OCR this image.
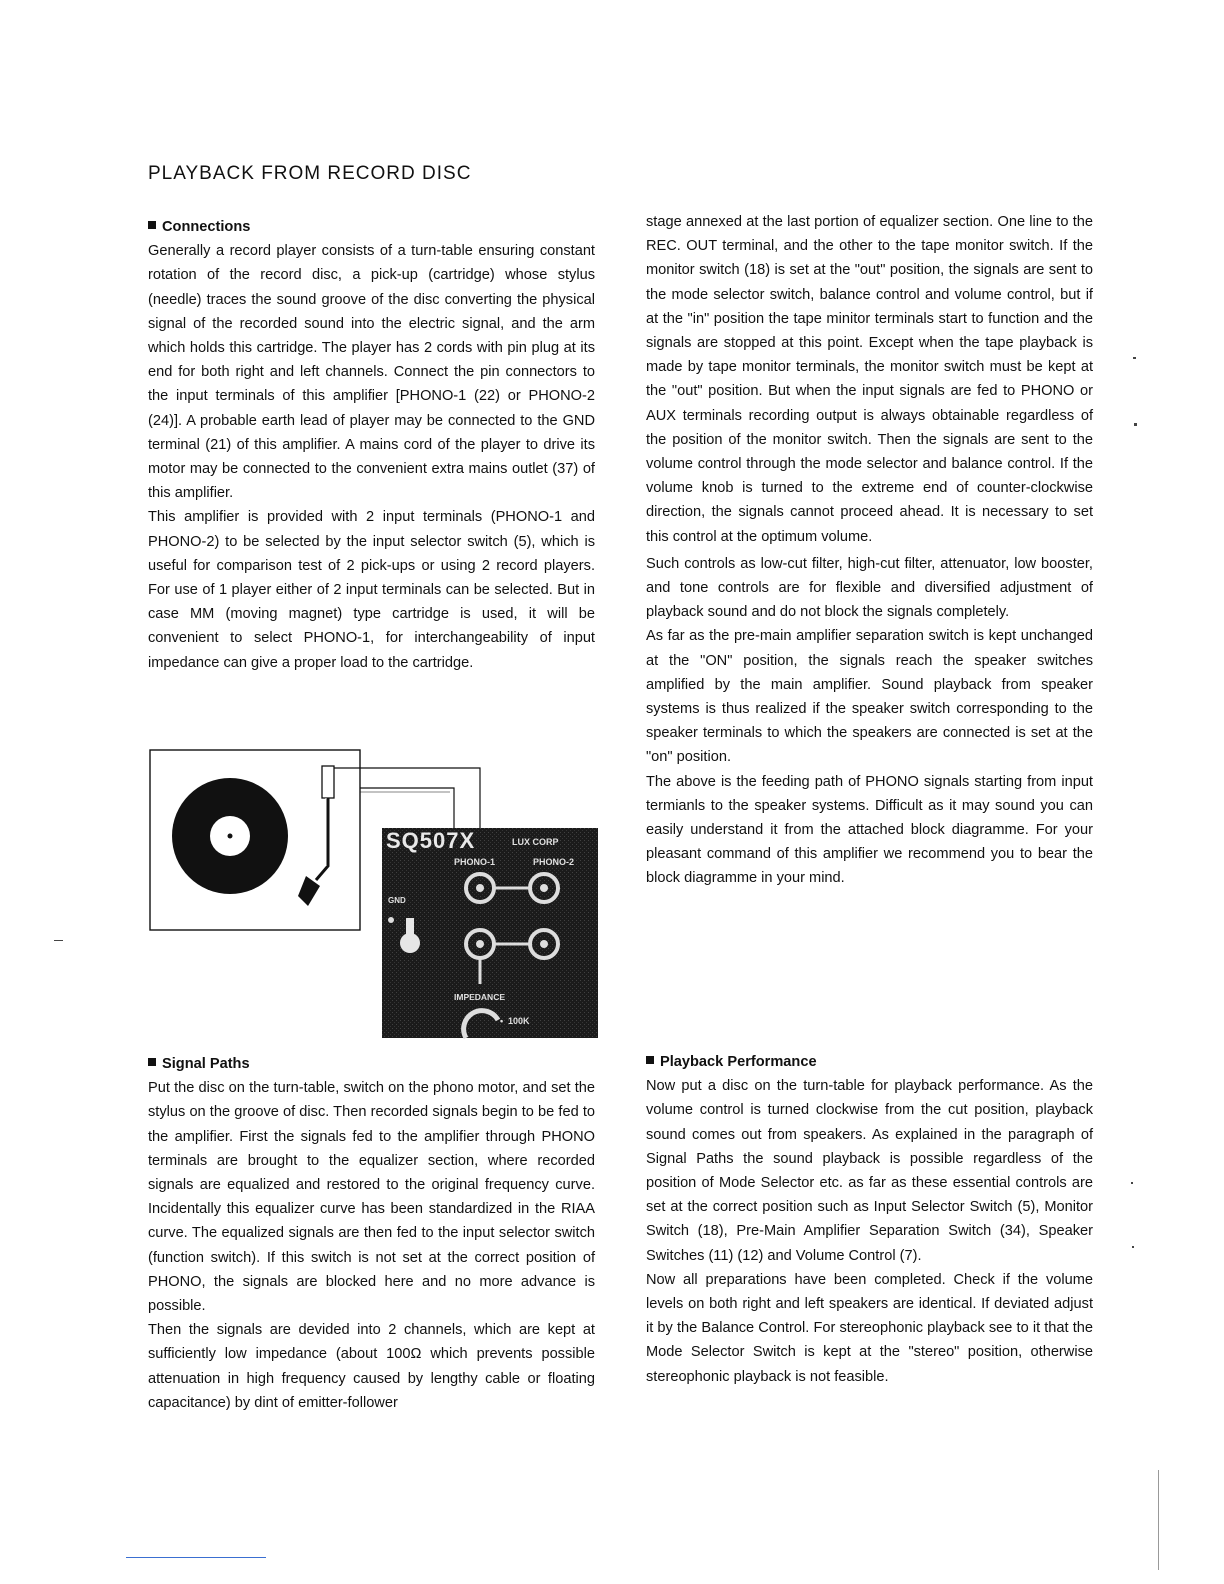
PLAYBACK FROM RECORD DISC
Connections

Generally a record player consists of a turn-table ensuring constant rotation of the record disc, a pick-up (cartridge) whose stylus (needle) traces the sound groove of the disc converting the physical signal of the recorded sound into the electric signal, and the arm which holds this cartridge. The player has 2 cords with pin plug at its end for both right and left channels. Connect the pin connectors to the input terminals of this amplifier [PHONO-1 (22) or PHONO-2 (24)]. A probable earth lead of player may be connected to the GND terminal (21) of this amplifier. A mains cord of the player to drive its motor may be connected to the convenient extra mains outlet (37) of this amplifier.

This amplifier is provided with 2 input terminals (PHONO-1 and PHONO-2) to be selected by the input selector switch (5), which is useful for comparison test of 2 pick-ups or using 2 record players. For use of 1 player either of 2 input terminals can be selected. But in case MM (moving magnet) type cartridge is used, it will be convenient to select PHONO-1, for interchangeability of input impedance can give a proper load to the cartridge.

SQ507X	LUX CORP
PHONO-1	PHONO-2
GND
IMPEDANCE
• 100K
Signal Paths

Put the disc on the turn-table, switch on the phono motor, and set the stylus on the groove of disc. Then recorded signals begin to be fed to the amplifier. First the signals fed to the amplifier through PHONO terminals are brought to the equalizer section, where recorded signals are equalized and restored to the original frequency curve. Incidentally this equalizer curve has been standardized in the RIAA curve. The equalized signals are then fed to the input selector switch (function switch). If this switch is not set at the correct position of PHONO, the signals are blocked here and no more advance is possible.

Then the signals are devided into 2 channels, which are kept at sufficiently low impedance (about 100Ω which prevents possible attenuation in high frequency caused by lengthy cable or floating capacitance) by dint of emitter-follower

stage annexed at the last portion of equalizer section. One line to the REC. OUT terminal, and the other to the tape monitor switch. If the monitor switch (18) is set at the "out" position, the signals are sent to the mode selector switch, balance control and volume control, but if at the "in" position the tape minitor terminals start to function and the signals are stopped at this point. Except when the tape playback is made by tape monitor terminals, the monitor switch must be kept at the "out" position. But when the input signals are fed to PHONO or AUX terminals recording output is always obtainable regardless of the position of the monitor switch. Then the signals are sent to the volume control through the mode selector and balance control. If the volume knob is turned to the extreme end of counter-clockwise direction, the signals cannot proceed ahead. It is necessary to set this control at the optimum volume.

Such controls as low-cut filter, high-cut filter, attenuator, low booster, and tone controls are for flexible and diversified adjustment of playback sound and do not block the signals completely.

As far as the pre-main amplifier separation switch is kept unchanged at the "ON" position, the signals reach the speaker switches amplified by the main amplifier. Sound playback from speaker systems is thus realized if the speaker switch corresponding to the speaker terminals to which the speakers are connected is set at the "on" position.

The above is the feeding path of PHONO signals starting from input termianls to the speaker systems. Difficult as it may sound you can easily understand it from the attached block diagramme. For your pleasant command of this amplifier we recommend you to bear the block diagramme in your mind.

Playback Performance

Now put a disc on the turn-table for playback performance. As the volume control is turned clockwise from the cut position, playback sound comes out from speakers. As explained in the paragraph of Signal Paths the sound playback is possible regardless of the position of Mode Selector etc. as far as these essential controls are set at the correct position such as Input Selector Switch (5), Monitor Switch (18), Pre-Main Amplifier Separation Switch (34), Speaker Switches (11) (12) and Volume Control (7).

Now all preparations have been completed. Check if the volume levels on both right and left speakers are identical. If deviated adjust it by the Balance Control. For stereophonic playback see to it that the Mode Selector Switch is kept at the "stereo" position, otherwise stereophonic playback is not feasible.
